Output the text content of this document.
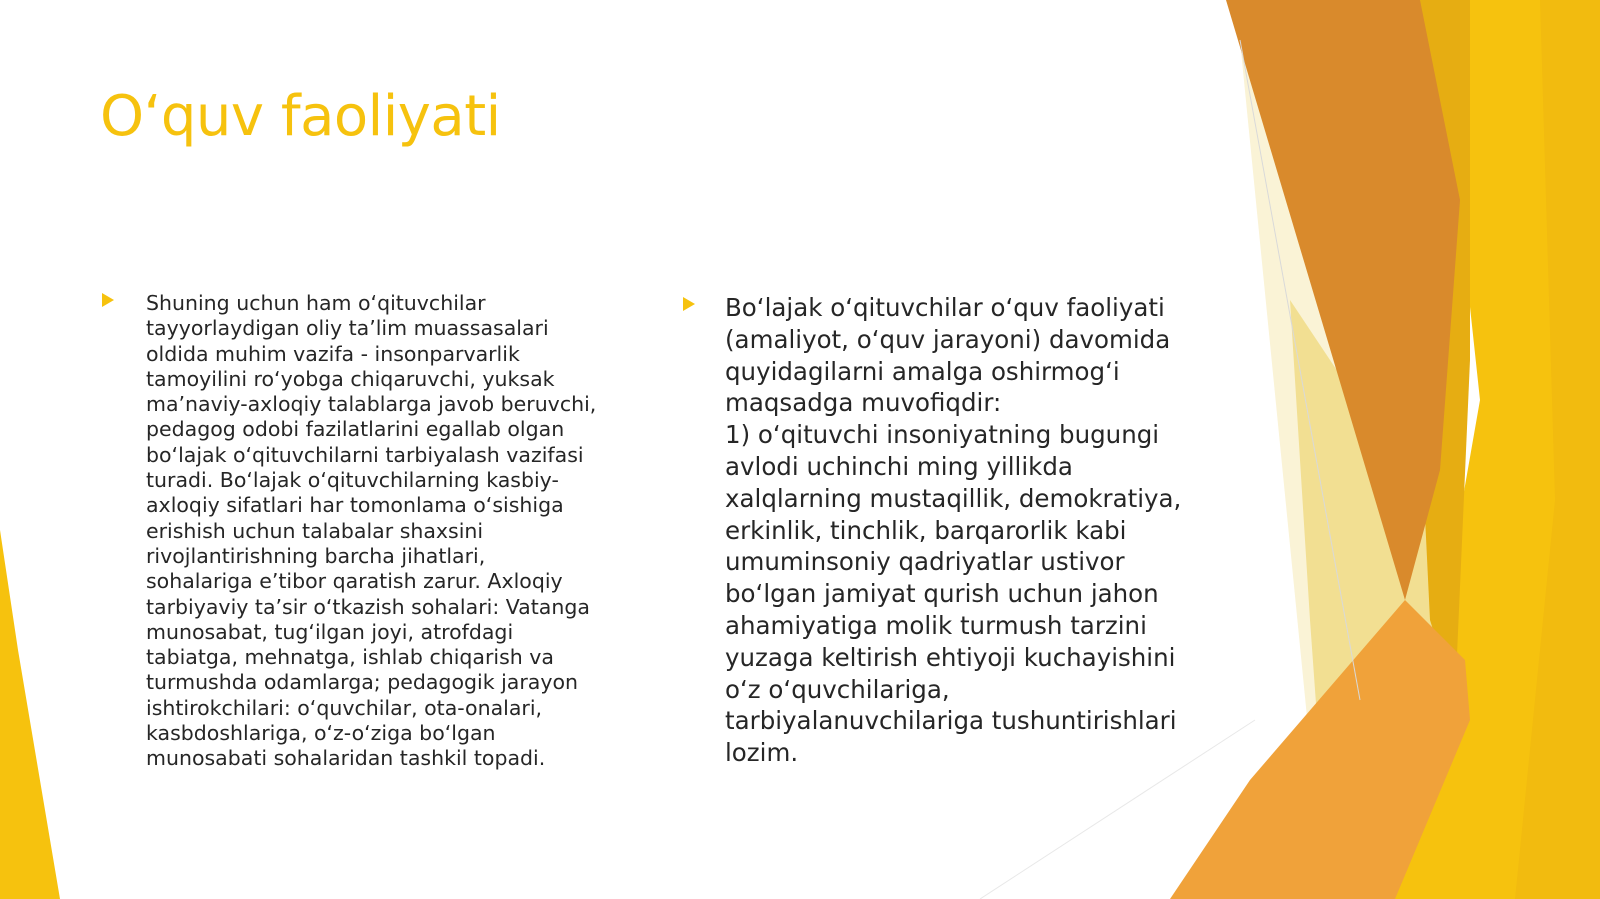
O‘quv faoliyati

Shuning uchun ham o‘qituvchilar
tayyorlaydigan oliy ta’lim muassasalari
oldida muhim vazifa - insonparvarlik
tamoyilini ro‘yobga chiqaruvchi, yuksak
ma’naviy-axloqiy talablarga javob beruvchi,
pedagog odobi fazilatlarini egallab olgan
bo‘lajak o‘qituvchilarni tarbiyalash vazifasi
turadi. Bo‘lajak o‘qituvchilarning kasbiy-
axloqiy sifatlari har tomonlama o‘sishiga
erishish uchun talabalar shaxsini
rivojlantirishning barcha jihatlari,
sohalariga e’tibor qaratish zarur. Axloqiy
tarbiyaviy ta’sir o‘tkazish sohalari: Vatanga
munosabat, tug‘ilgan joyi, atrofdagi
tabiatga, mehnatga, ishlab chiqarish va
turmushda odamlarga; pedagogik jarayon
ishtirokchilari: o‘quvchilar, ota-onalari,
kasbdoshlariga, o‘z-o‘ziga bo‘lgan
munosabati sohalaridan tashkil topadi.

Bo‘lajak o‘qituvchilar o‘quv faoliyati
(amaliyot, o‘quv jarayoni) davomida
quyidagilarni amalga oshirmog‘i
maqsadga muvofiqdir:
1) o‘qituvchi insoniyatning bugungi
avlodi uchinchi ming yillikda
xalqlarning mustaqillik, demokratiya,
erkinlik, tinchlik, barqarorlik kabi
umuminsoniy qadriyatlar ustivor
bo‘lgan jamiyat qurish uchun jahon
ahamiyatiga molik turmush tarzini
yuzaga keltirish ehtiyoji kuchayishini
o‘z o‘quvchilariga,
tarbiyalanuvchilariga tushuntirishlari
lozim.
